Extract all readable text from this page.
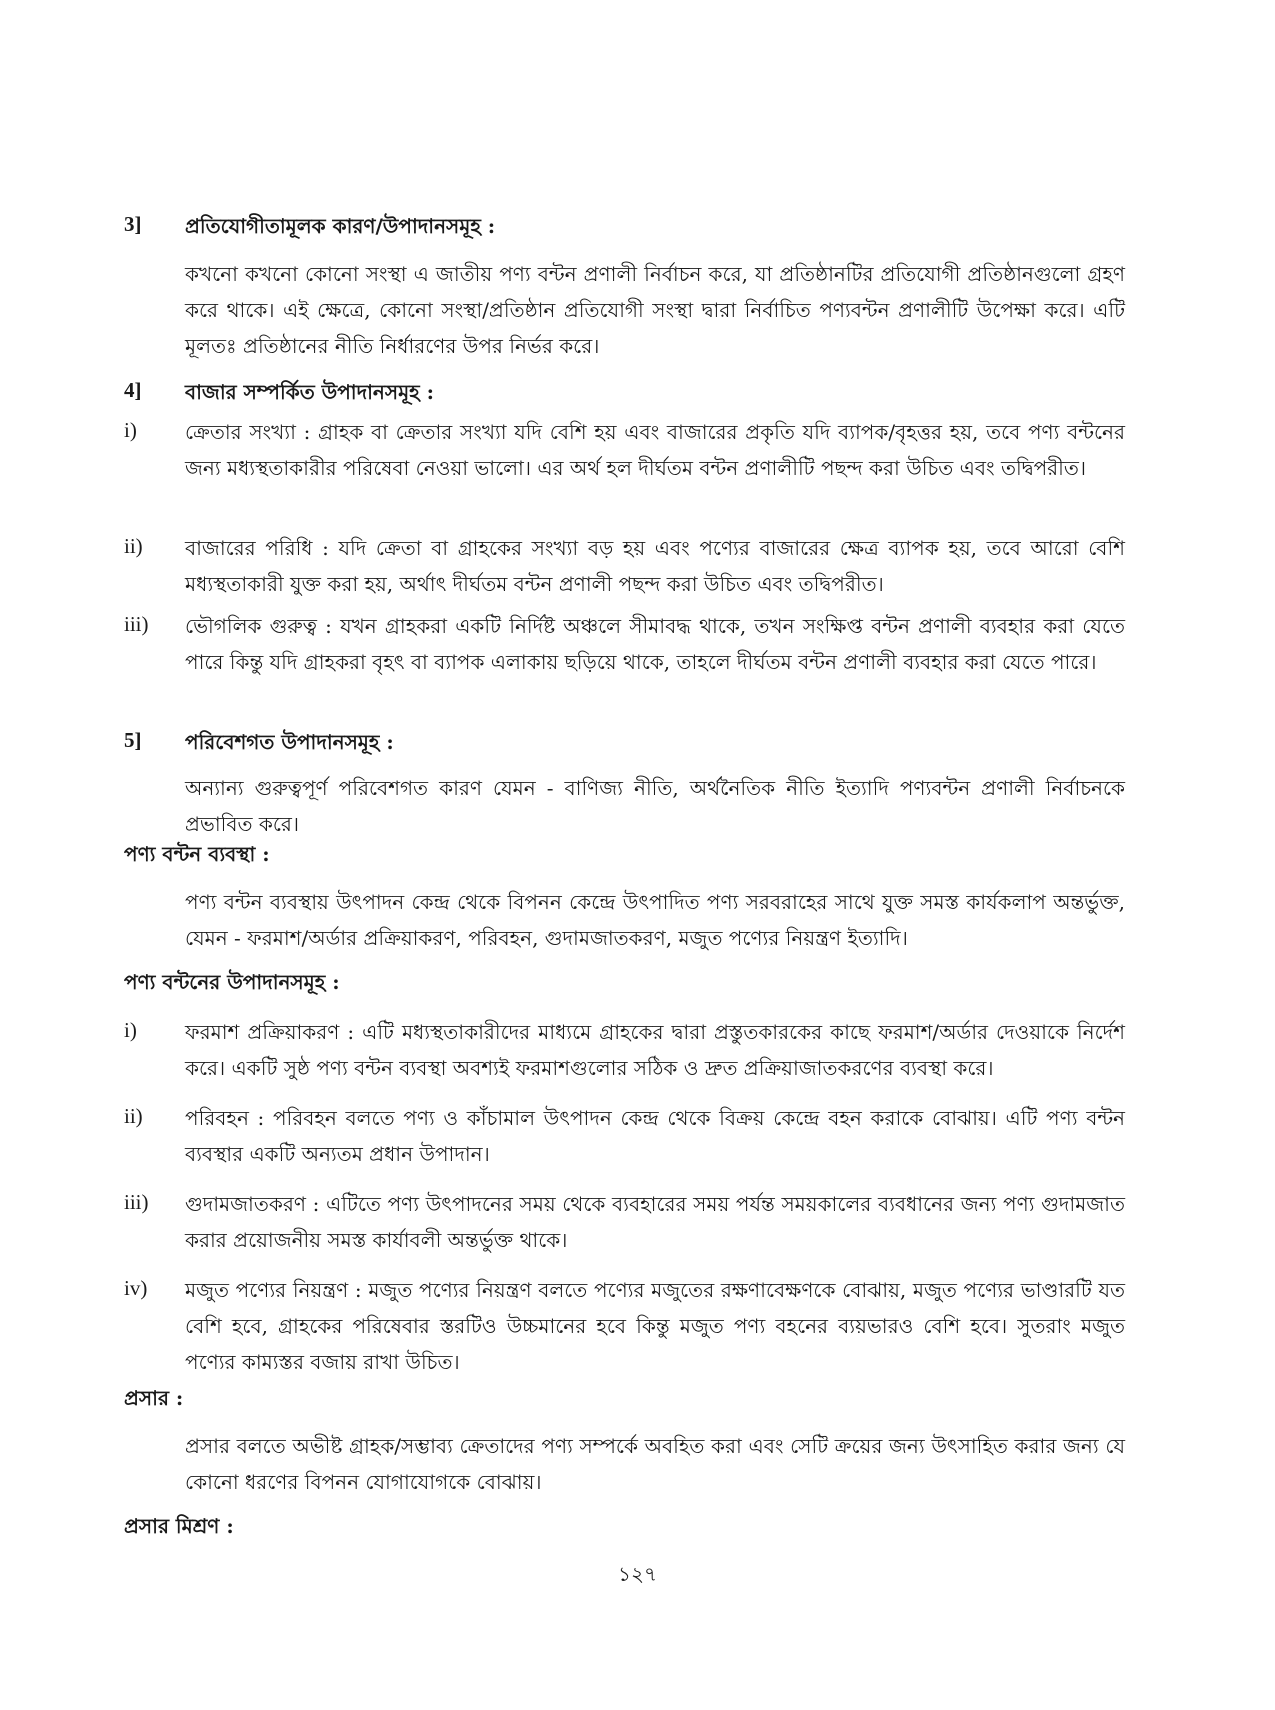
3] প্রতিযোগীতামূলক কারণ/উপাদানসমূহ :
কখনো কখনো কোনো সংস্থা এ জাতীয় পণ্য বন্টন প্রণালী নির্বাচন করে, যা প্রতিষ্ঠানটির প্রতিযোগী প্রতিষ্ঠানগুলো গ্রহণ করে থাকে। এই ক্ষেত্রে, কোনো সংস্থা/প্রতিষ্ঠান প্রতিযোগী সংস্থা দ্বারা নির্বাচিত পণ্যবন্টন প্রণালীটি উপেক্ষা করে। এটি মূলতঃ প্রতিষ্ঠানের নীতি নির্ধারণের উপর নির্ভর করে।
4] বাজার সম্পর্কিত উপাদানসমূহ :
i) ক্রেতার সংখ্যা : গ্রাহক বা ক্রেতার সংখ্যা যদি বেশি হয় এবং বাজারের প্রকৃতি যদি ব্যাপক/বৃহত্তর হয়, তবে পণ্য বন্টনের জন্য মধ্যস্থতাকারীর পরিষেবা নেওয়া ভালো। এর অর্থ হল দীর্ঘতম বন্টন প্রণালীটি পছন্দ করা উচিত এবং তদ্বিপরীত।
ii) বাজারের পরিধি : যদি ক্রেতা বা গ্রাহকের সংখ্যা বড় হয় এবং পণ্যের বাজারের ক্ষেত্র ব্যাপক হয়, তবে আরো বেশি মধ্যস্থতাকারী যুক্ত করা হয়, অর্থাৎ দীর্ঘতম বন্টন প্রণালী পছন্দ করা উচিত এবং তদ্বিপরীত।
iii) ভৌগলিক গুরুত্ব : যখন গ্রাহকরা একটি নির্দিষ্ট অঞ্চলে সীমাবদ্ধ থাকে, তখন সংক্ষিপ্ত বন্টন প্রণালী ব্যবহার করা যেতে পারে কিন্তু যদি গ্রাহকরা বৃহৎ বা ব্যাপক এলাকায় ছড়িয়ে থাকে, তাহলে দীর্ঘতম বন্টন প্রণালী ব্যবহার করা যেতে পারে।
5] পরিবেশগত উপাদানসমূহ :
অন্যান্য গুরুত্বপূর্ণ পরিবেশগত কারণ যেমন - বাণিজ্য নীতি, অর্থনৈতিক নীতি ইত্যাদি পণ্যবন্টন প্রণালী নির্বাচনকে প্রভাবিত করে।
পণ্য বন্টন ব্যবস্থা :
পণ্য বন্টন ব্যবস্থায় উৎপাদন কেন্দ্র থেকে বিপনন কেন্দ্রে উৎপাদিত পণ্য সরবরাহের সাথে যুক্ত সমস্ত কার্যকলাপ অন্তর্ভুক্ত, যেমন - ফরমাশ/অর্ডার প্রক্রিয়াকরণ, পরিবহন, গুদামজাতকরণ, মজুত পণ্যের নিয়ন্ত্রণ ইত্যাদি।
পণ্য বন্টনের উপাদানসমূহ :
i) ফরমাশ প্রক্রিয়াকরণ : এটি মধ্যস্থতাকারীদের মাধ্যমে গ্রাহকের দ্বারা প্রস্তুতকারকের কাছে ফরমাশ/অর্ডার দেওয়াকে নির্দেশ করে। একটি সুষ্ঠ পণ্য বন্টন ব্যবস্থা অবশ্যই ফরমাশগুলোর সঠিক ও দ্রুত প্রক্রিয়াজাতকরণের ব্যবস্থা করে।
ii) পরিবহন : পরিবহন বলতে পণ্য ও কাঁচামাল উৎপাদন কেন্দ্র থেকে বিক্রয় কেন্দ্রে বহন করাকে বোঝায়। এটি পণ্য বন্টন ব্যবস্থার একটি অন্যতম প্রধান উপাদান।
iii) গুদামজাতকরণ : এটিতে পণ্য উৎপাদনের সময় থেকে ব্যবহারের সময় পর্যন্ত সময়কালের ব্যবধানের জন্য পণ্য গুদামজাত করার প্রয়োজনীয় সমস্ত কার্যাবলী অন্তর্ভুক্ত থাকে।
iv) মজুত পণ্যের নিয়ন্ত্রণ : মজুত পণ্যের নিয়ন্ত্রণ বলতে পণ্যের মজুতের রক্ষণাবেক্ষণকে বোঝায়, মজুত পণ্যের ভাণ্ডারটি যত বেশি হবে, গ্রাহকের পরিষেবার স্তরটিও উচ্চমানের হবে কিন্তু মজুত পণ্য বহনের ব্যয়ভারও বেশি হবে। সুতরাং মজুত পণ্যের কাম্যস্তর বজায় রাখা উচিত।
প্রসার :
প্রসার বলতে অভীষ্ট গ্রাহক/সম্ভাব্য ক্রেতাদের পণ্য সম্পর্কে অবহিত করা এবং সেটি ক্রয়ের জন্য উৎসাহিত করার জন্য যে কোনো ধরণের বিপনন যোগাযোগকে বোঝায়।
প্রসার মিশ্রণ :
১২৭
